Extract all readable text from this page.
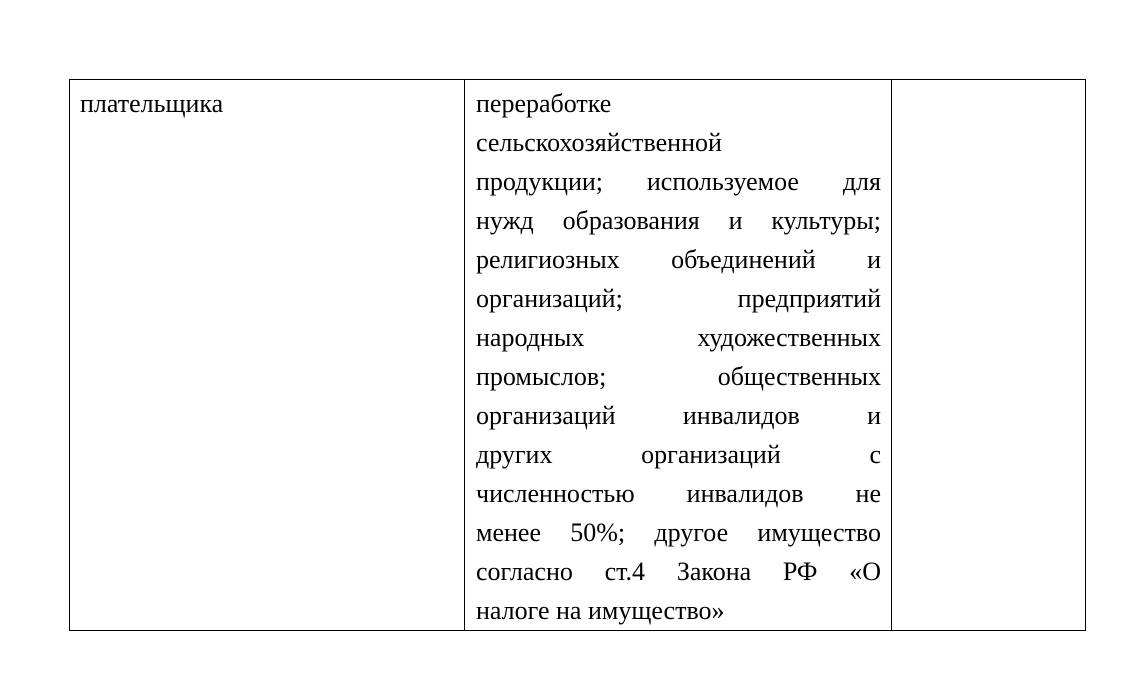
плательщика	переработке
сельскохозяйственной
продукции; используемое для
нужд образования и культуры;
религиозных объединений и
организаций; предприятий
народных художественных
промыслов; общественных
организаций инвалидов и
других организаций с
численностью инвалидов не
менее 50%; другое имущество
согласно ст.4 Закона РФ «О
налоге на имущество»
